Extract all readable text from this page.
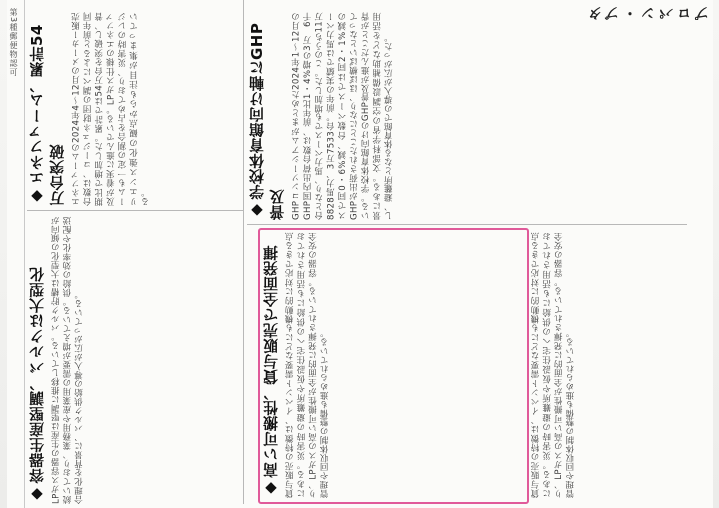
第3種郵便物認可	プロパン・ブタ
◆学校体育館向け軸にGHP普及 GHPコンソーシアムがまとめた2024年1〜12月のGHP国内出荷台数は、前年比1・4%増の3万ᅠ6千台となり、馬力ベースでも増加した。このうち11万8828馬力、3万7533台。前年の実績では馬力ベースで同0・6%減、台数ベースでは同2・1%減のGHPが出荷されたことになり、ほぼ横ばいとなっている。学校体育館向けのGHP普及が進んだことが背景にある。文部科学省の空調設備補助などを活用し、避難所となる体育館での導入が広がった。

◆エネファーム、累計54万台突破 エネファームの2024年4〜12月のメーカー販売台数は、コージェネ財団の調べによると前年同期比で増加した。累計では54万台を突破し、普及が着実に進んでいる。LPガス仕様のエネファームも一定の割合を占めており、災害時のレジリエンス強化の観点からも注目が集まっている。

◆高い可搬性、貸与販売で全面発揮 貸与販売の特徴は、イベント需要などにも機動的に対応できる点にある。災害時の避難所や仮設住宅への供給にも活用されており、LPガスの高い可搬性が全面的に発揮されている。容器の安全管理や回収体制の整備も進められている。

◆容器生産堅調、バルクは大型化 LPガス容器の生産は堅調に推移している。バルク貯槽は大型化の傾向が続いており、業務用や産業用の需要が増えている。供給の効率化や配送合理化を背景に、バルク供給の導入が広がっている。	貸与販売の特徴は、イベント需要などにも機動的に対応できる点にある。災害時の避難所や仮設住宅への供給にも活用されており、LPガスの高い可搬性が全面的に発揮されている。容器の安全管理や回収体制の整備も進められている。
